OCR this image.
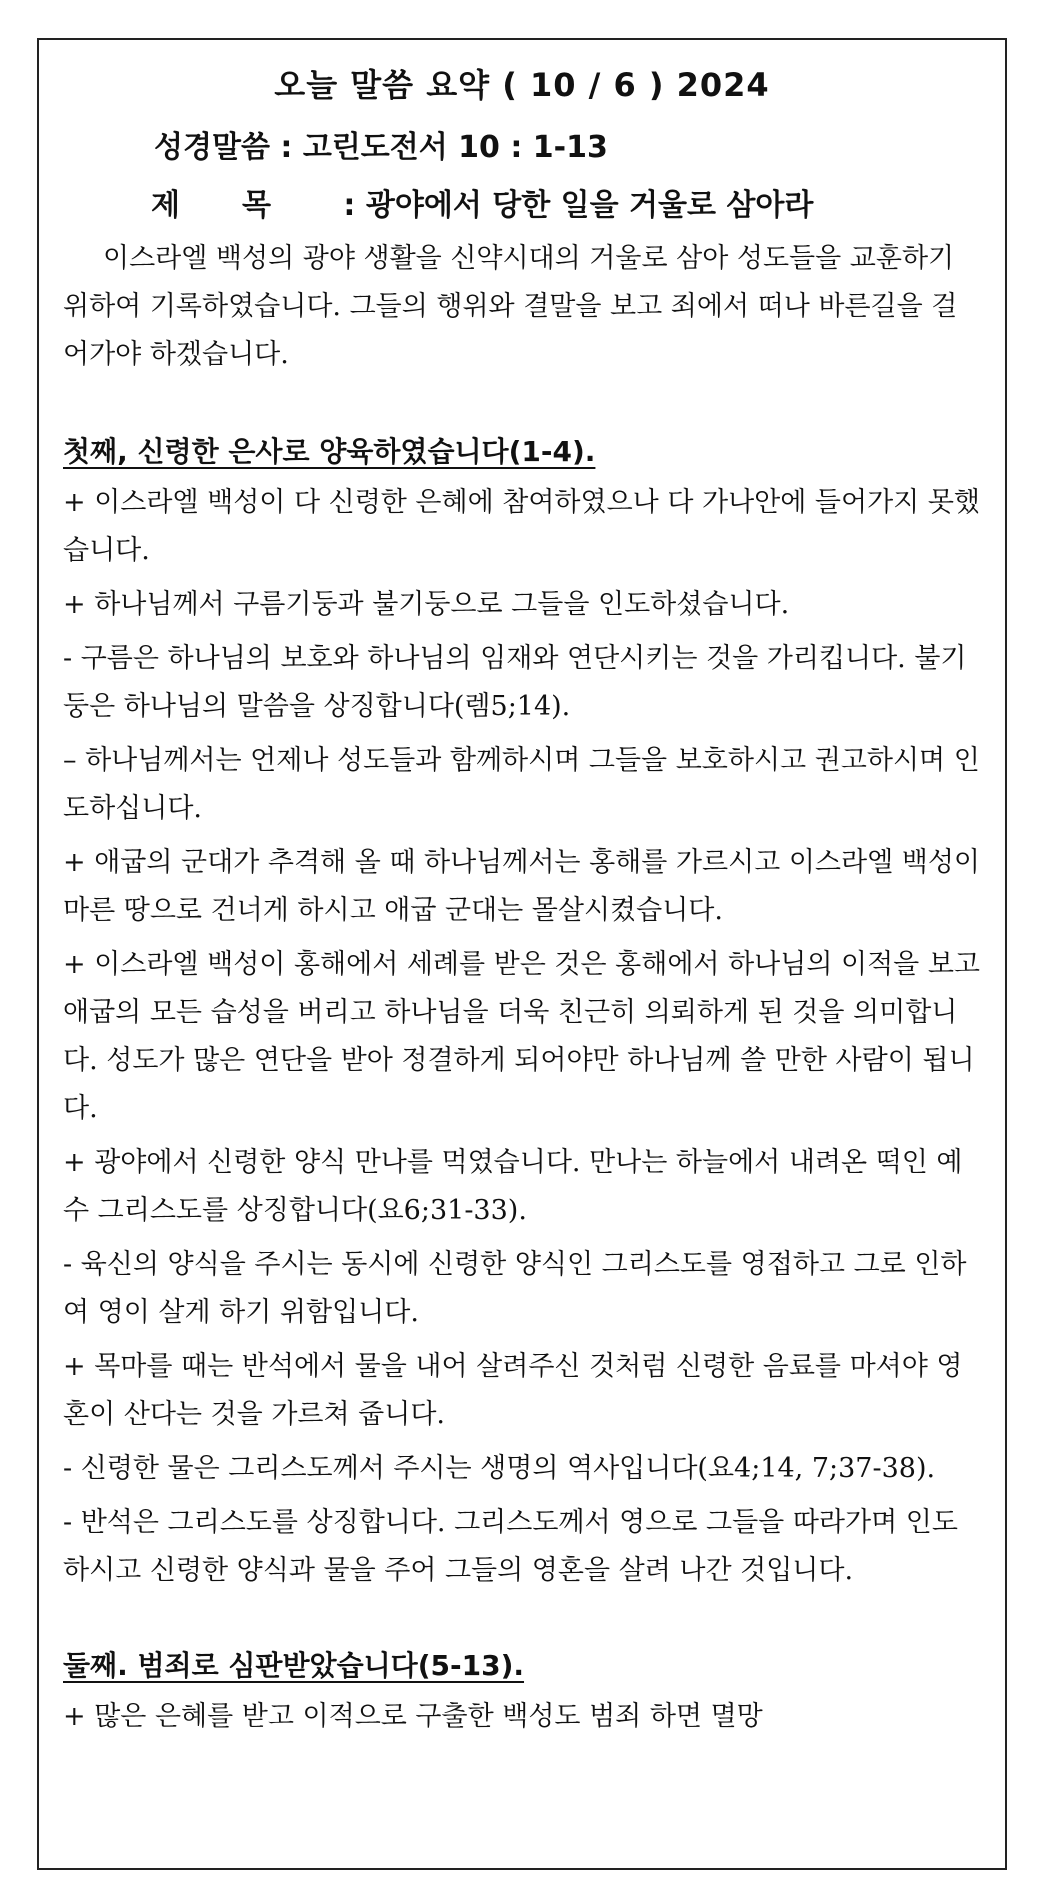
오늘 말씀 요약 ( 10 / 6 ) 2024
성경말씀 : 고린도전서 10 : 1-13
제목 : 광야에서 당한 일을 거울로 삼아라

이스라엘 백성의 광야 생활을 신약시대의 거울로 삼아 성도들을 교훈하기 위하여 기록하였습니다. 그들의 행위와 결말을 보고 죄에서 떠나 바른길을 걸어가야 하겠습니다.

첫째, 신령한 은사로 양육하였습니다(1-4).

+ 이스라엘 백성이 다 신령한 은혜에 참여하였으나 다 가나안에 들어가지 못했습니다.

+ 하나님께서 구름기둥과 불기둥으로 그들을 인도하셨습니다.

- 구름은 하나님의 보호와 하나님의 임재와 연단시키는 것을 가리킵니다. 불기둥은 하나님의 말씀을 상징합니다(렘5;14).

– 하나님께서는 언제나 성도들과 함께하시며 그들을 보호하시고 권고하시며 인도하십니다.

+ 애굽의 군대가 추격해 올 때 하나님께서는 홍해를 가르시고 이스라엘 백성이 마른 땅으로 건너게 하시고 애굽 군대는 몰살시켰습니다.

+ 이스라엘 백성이 홍해에서 세례를 받은 것은 홍해에서 하나님의 이적을 보고 애굽의 모든 습성을 버리고 하나님을 더욱 친근히 의뢰하게 된 것을 의미합니다. 성도가 많은 연단을 받아 정결하게 되어야만 하나님께 쓸 만한 사람이 됩니다.

+ 광야에서 신령한 양식 만나를 먹였습니다. 만나는 하늘에서 내려온 떡인 예수 그리스도를 상징합니다(요6;31-33).

- 육신의 양식을 주시는 동시에 신령한 양식인 그리스도를 영접하고 그로 인하여 영이 살게 하기 위함입니다.

+ 목마를 때는 반석에서 물을 내어 살려주신 것처럼 신령한 음료를 마셔야 영혼이 산다는 것을 가르쳐 줍니다.

- 신령한 물은 그리스도께서 주시는 생명의 역사입니다(요4;14, 7;37-38).

- 반석은 그리스도를 상징합니다. 그리스도께서 영으로 그들을 따라가며 인도하시고 신령한 양식과 물을 주어 그들의 영혼을 살려 나간 것입니다.

둘째. 범죄로 심판받았습니다(5-13).

+ 많은 은혜를 받고 이적으로 구출한 백성도 범죄 하면 멸망
